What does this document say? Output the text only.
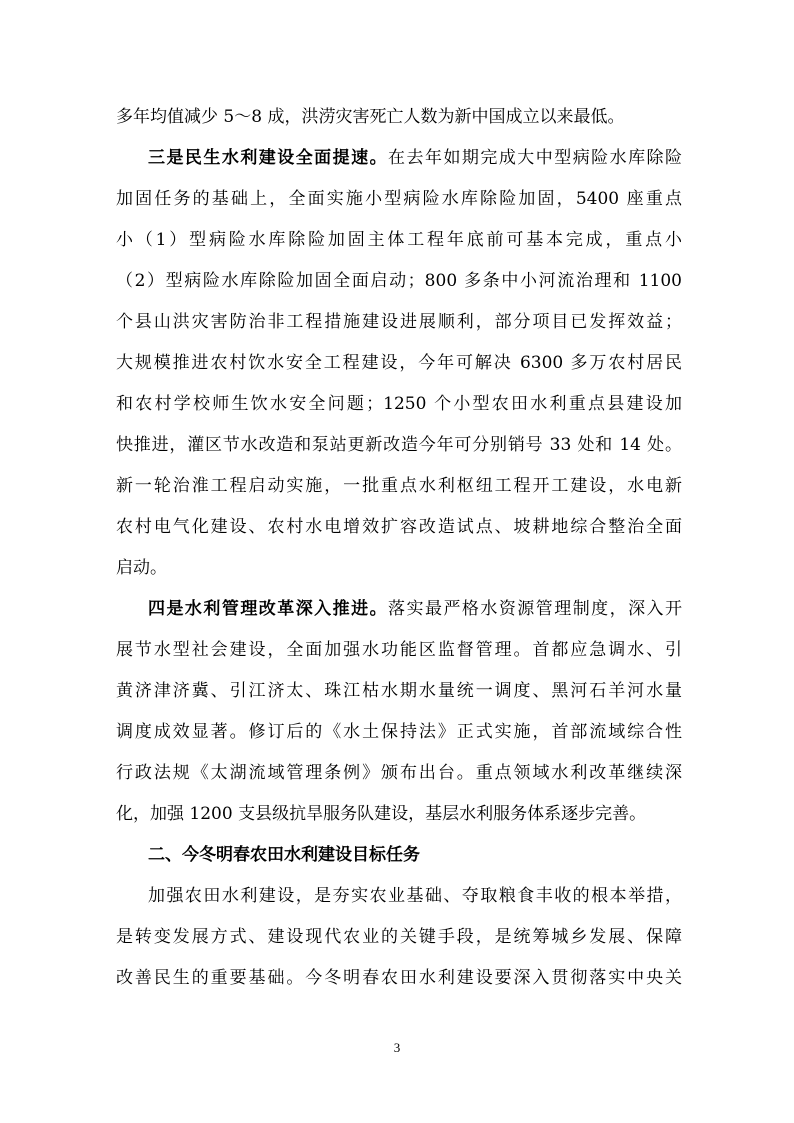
多年均值减少 5～8 成，洪涝灾害死亡人数为新中国成立以来最低。
三是民生水利建设全面提速。在去年如期完成大中型病险水库除险
加固任务的基础上，全面实施小型病险水库除险加固，5400 座重点
小（1）型病险水库除险加固主体工程年底前可基本完成，重点小
（2）型病险水库除险加固全面启动；800 多条中小河流治理和 1100
个县山洪灾害防治非工程措施建设进展顺利，部分项目已发挥效益；
大规模推进农村饮水安全工程建设，今年可解决 6300 多万农村居民
和农村学校师生饮水安全问题；1250 个小型农田水利重点县建设加
快推进，灌区节水改造和泵站更新改造今年可分别销号 33 处和 14 处。
新一轮治淮工程启动实施，一批重点水利枢纽工程开工建设，水电新
农村电气化建设、农村水电增效扩容改造试点、坡耕地综合整治全面
启动。
四是水利管理改革深入推进。落实最严格水资源管理制度，深入开
展节水型社会建设，全面加强水功能区监督管理。首都应急调水、引
黄济津济冀、引江济太、珠江枯水期水量统一调度、黑河石羊河水量
调度成效显著。修订后的《水土保持法》正式实施，首部流域综合性
行政法规《太湖流域管理条例》颁布出台。重点领域水利改革继续深
化，加强 1200 支县级抗旱服务队建设，基层水利服务体系逐步完善。
二、今冬明春农田水利建设目标任务
加强农田水利建设，是夯实农业基础、夺取粮食丰收的根本举措，
是转变发展方式、建设现代农业的关键手段，是统筹城乡发展、保障
改善民生的重要基础。今冬明春农田水利建设要深入贯彻落实中央关
3
